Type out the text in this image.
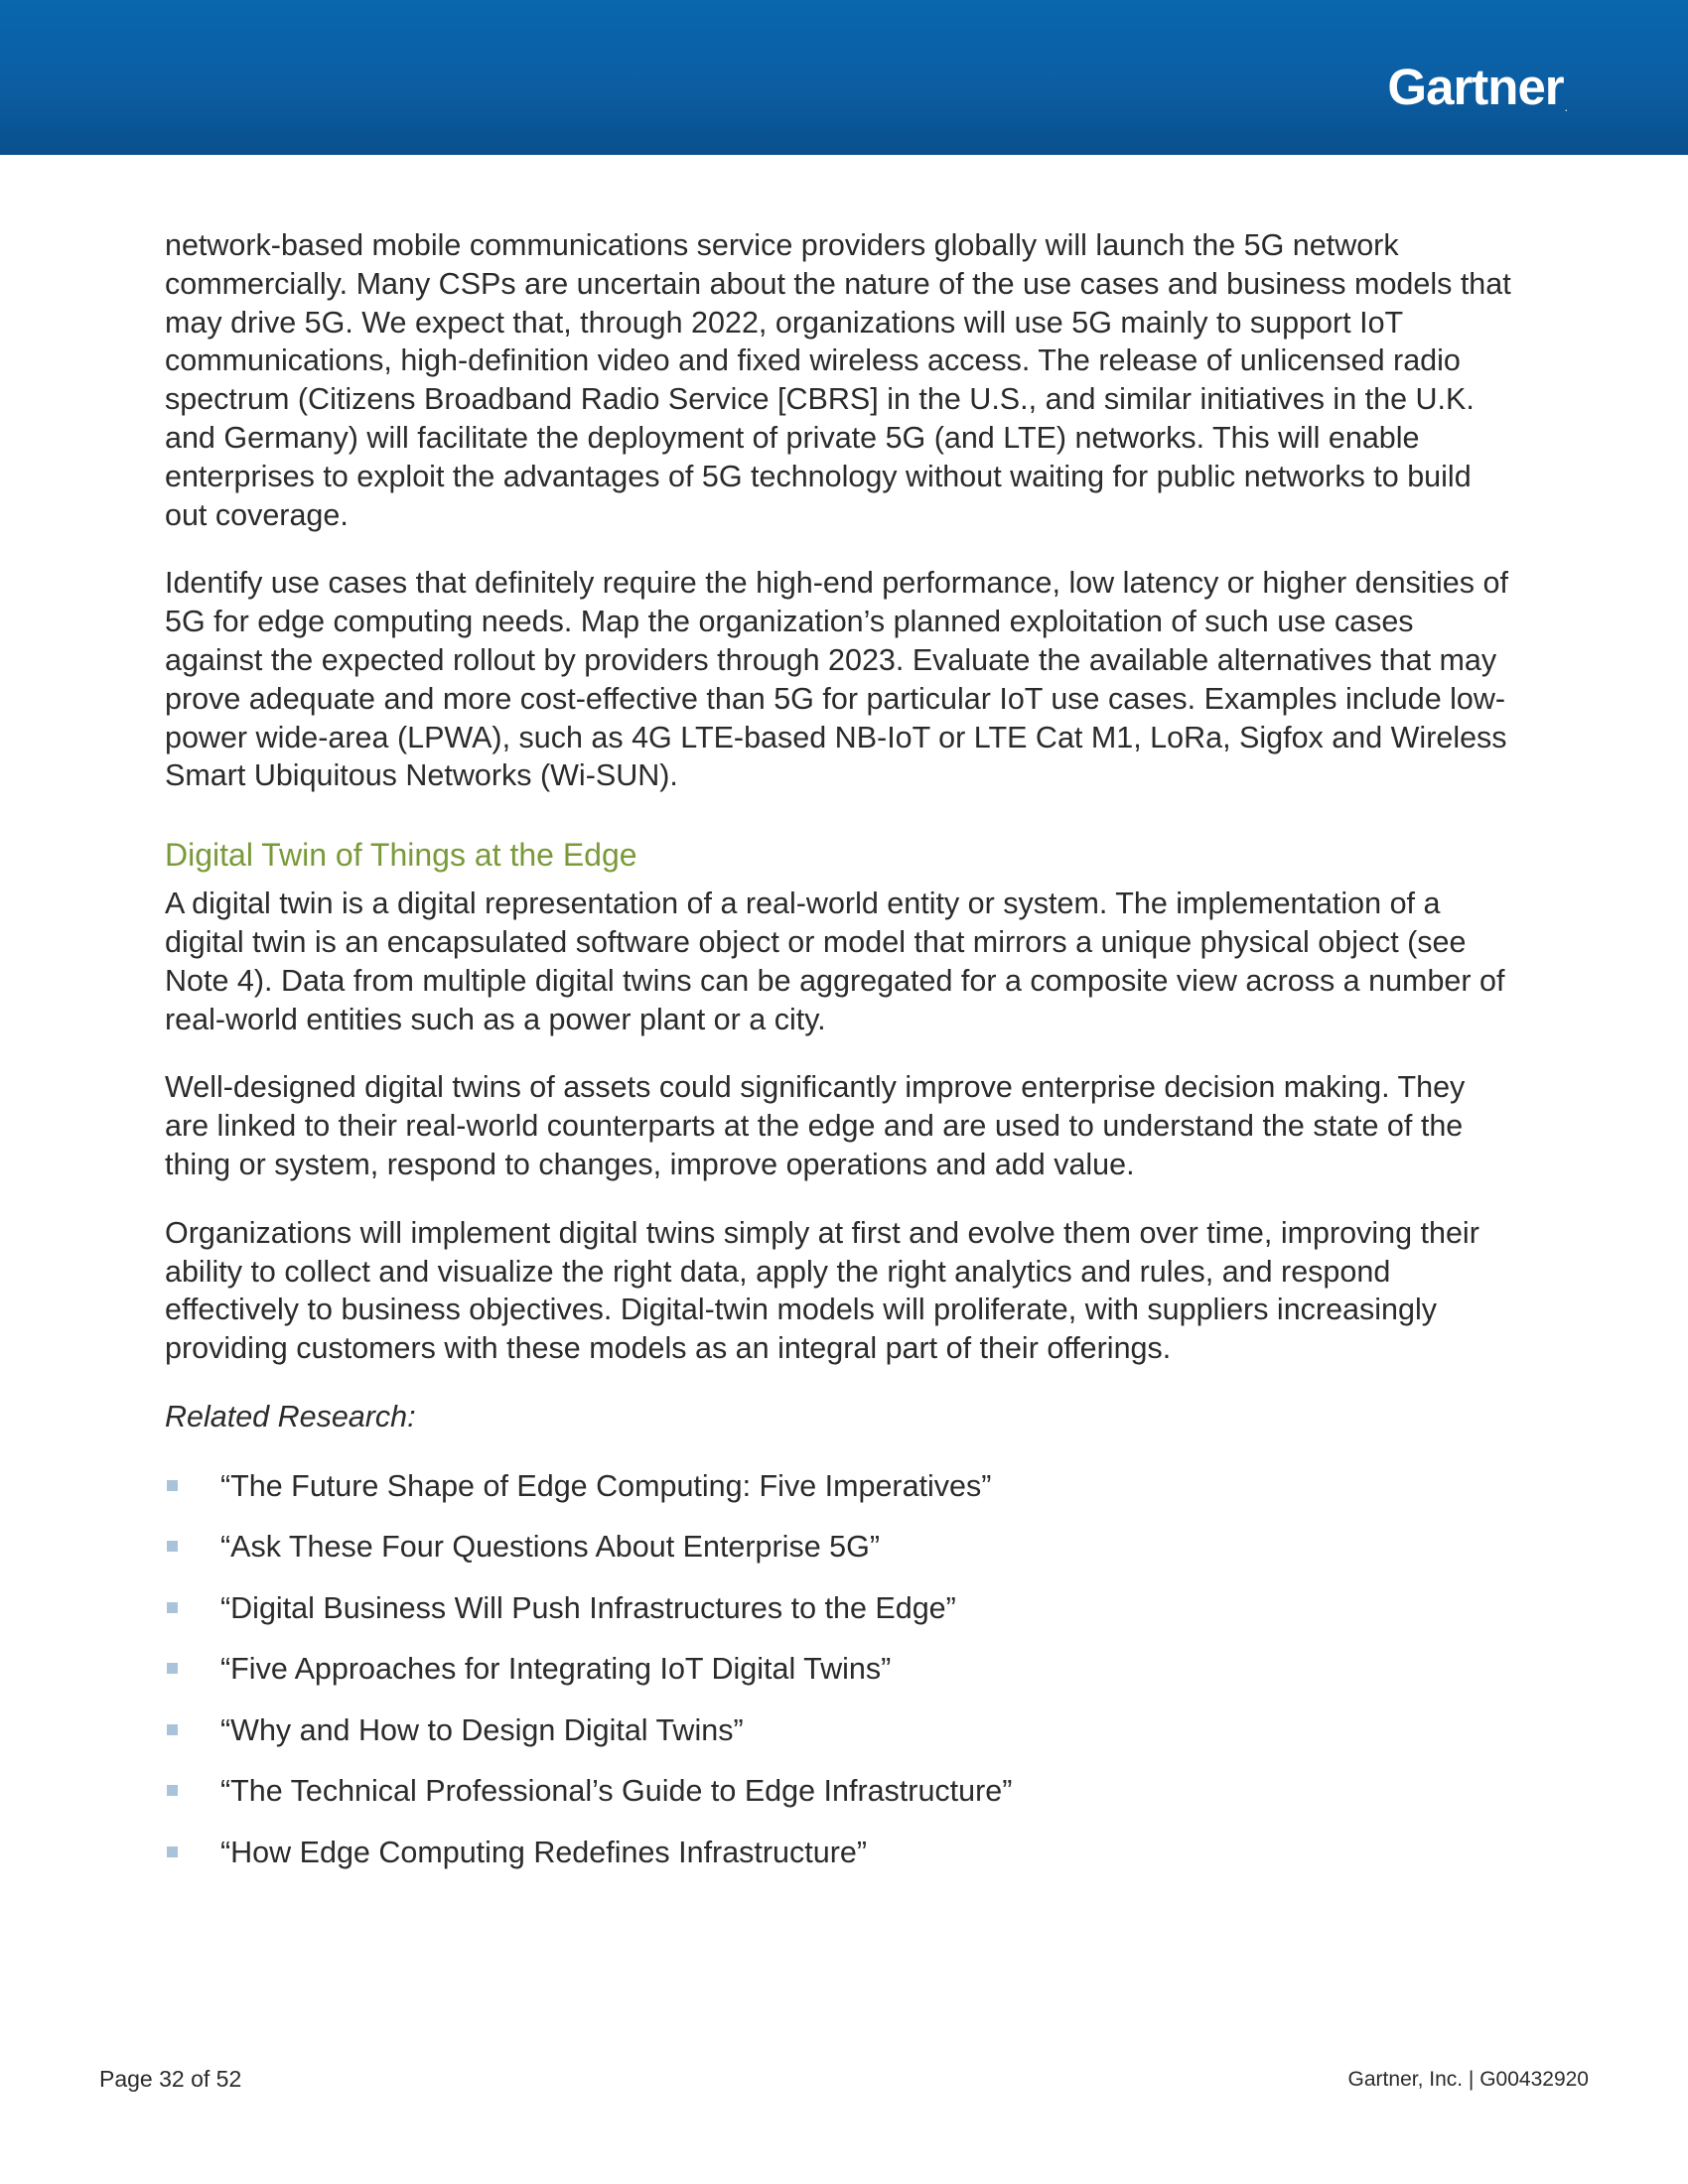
Gartner.

network-based mobile communications service providers globally will launch the 5G network commercially. Many CSPs are uncertain about the nature of the use cases and business models that may drive 5G. We expect that, through 2022, organizations will use 5G mainly to support IoT communications, high-definition video and fixed wireless access. The release of unlicensed radio spectrum (Citizens Broadband Radio Service [CBRS] in the U.S., and similar initiatives in the U.K. and Germany) will facilitate the deployment of private 5G (and LTE) networks. This will enable enterprises to exploit the advantages of 5G technology without waiting for public networks to build out coverage.

Identify use cases that definitely require the high-end performance, low latency or higher densities of 5G for edge computing needs. Map the organization’s planned exploitation of such use cases against the expected rollout by providers through 2023. Evaluate the available alternatives that may prove adequate and more cost-effective than 5G for particular IoT use cases. Examples include low-power wide-area (LPWA), such as 4G LTE-based NB-IoT or LTE Cat M1, LoRa, Sigfox and Wireless Smart Ubiquitous Networks (Wi-SUN).

Digital Twin of Things at the Edge

A digital twin is a digital representation of a real-world entity or system. The implementation of a digital twin is an encapsulated software object or model that mirrors a unique physical object (see Note 4). Data from multiple digital twins can be aggregated for a composite view across a number of real-world entities such as a power plant or a city.

Well-designed digital twins of assets could significantly improve enterprise decision making. They are linked to their real-world counterparts at the edge and are used to understand the state of the thing or system, respond to changes, improve operations and add value.

Organizations will implement digital twins simply at first and evolve them over time, improving their ability to collect and visualize the right data, apply the right analytics and rules, and respond effectively to business objectives. Digital-twin models will proliferate, with suppliers increasingly providing customers with these models as an integral part of their offerings.

Related Research:

“The Future Shape of Edge Computing: Five Imperatives”
“Ask These Four Questions About Enterprise 5G”
“Digital Business Will Push Infrastructures to the Edge”
“Five Approaches for Integrating IoT Digital Twins”
“Why and How to Design Digital Twins”
“The Technical Professional’s Guide to Edge Infrastructure”
“How Edge Computing Redefines Infrastructure”
Page 32 of 52	Gartner, Inc. | G00432920
